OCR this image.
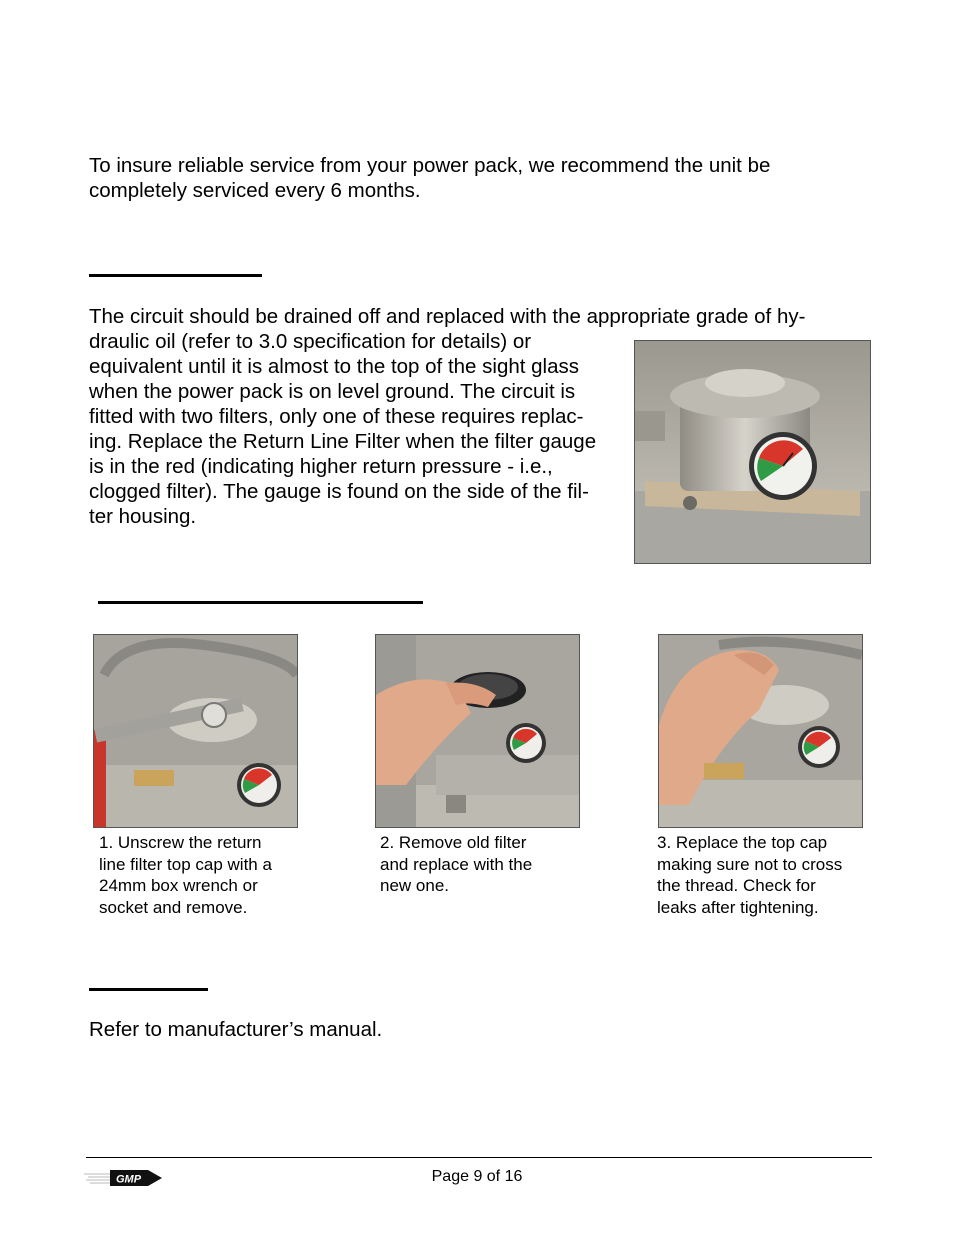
To insure reliable service from your power pack, we recommend the unit be completely serviced every 6 months.

The circuit should be drained off and replaced with the appropriate grade of hy-

draulic oil (refer to 3.0 specification for details) or
equivalent until it is almost to the top of the sight glass
when the power pack is on level ground. The circuit is
fitted with two filters, only one of these requires replac-
ing. Replace the Return Line Filter when the filter gauge
is in the red (indicating higher return pressure - i.e.,
clogged filter). The gauge is found on the side of the fil-
ter housing.
1. Unscrew the return
line filter top cap with a
24mm box wrench or
socket and remove.
2. Remove old filter
and replace with the
new one.
3. Replace the top cap
making sure not to cross
the thread. Check for
leaks after tightening.

Refer to manufacturer’s manual.

GMP	Page 9 of 16
